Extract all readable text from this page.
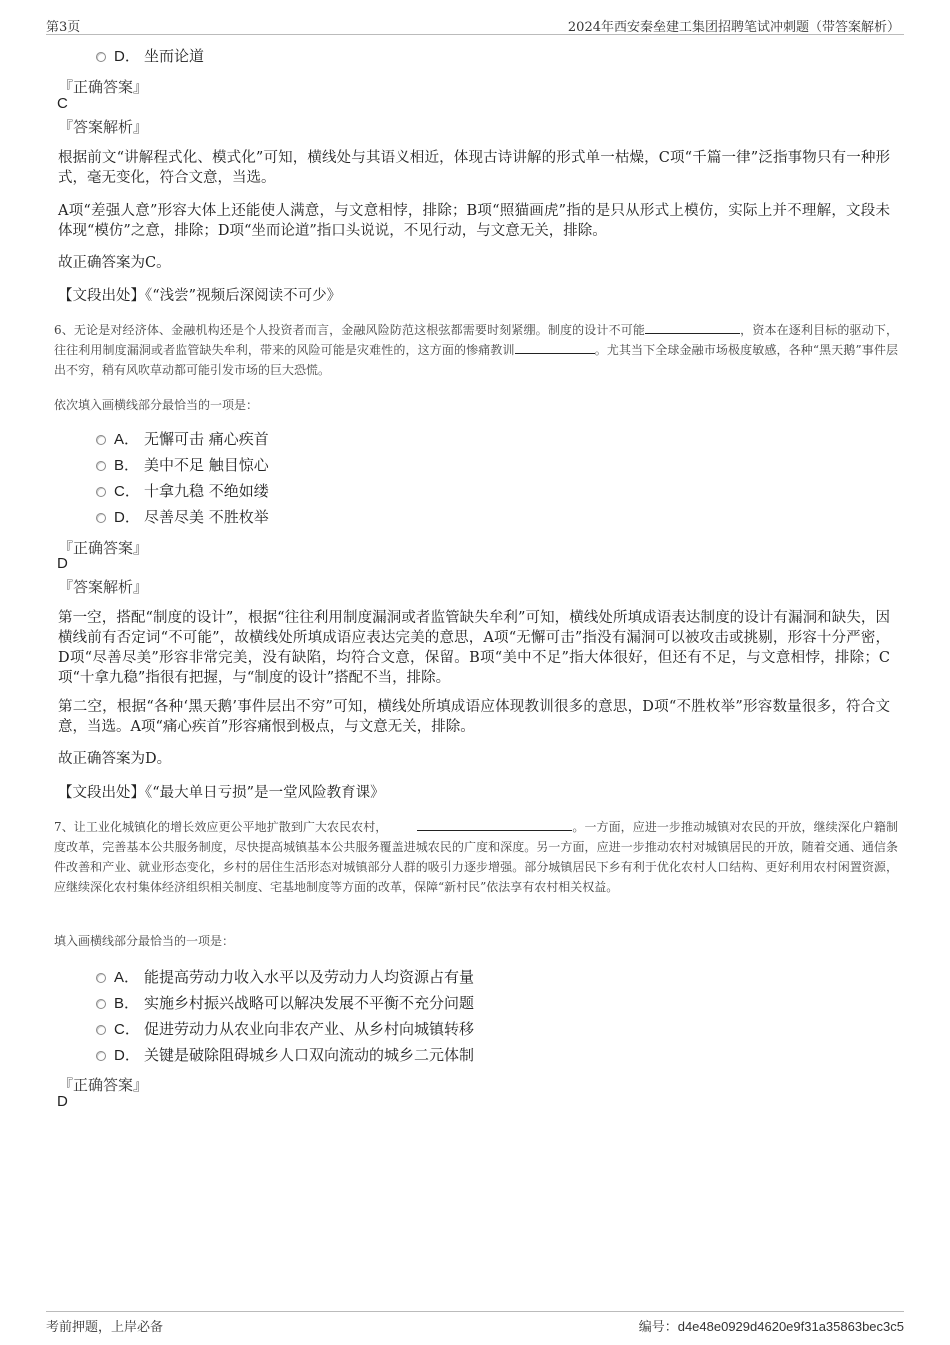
第3页	2024年西安秦垒建工集团招聘笔试冲刺题（带答案解析）
D． 坐而论道
『正确答案』
C
『答案解析』
根据前文“讲解程式化、模式化”可知，横线处与其语义相近，体现古诗讲解的形式单一枯燥，C项“千篇一律”泛指事物只有一种形式，毫无变化，符合文意，当选。
A项“差强人意”形容大体上还能使人满意，与文意相悖，排除；B项“照猫画虎”指的是只从形式上模仿，实际上并不理解，文段未体现“模仿”之意，排除；D项“坐而论道”指口头说说，不见行动，与文意无关，排除。
故正确答案为C。
【文段出处】《“浅尝”视频后深阅读不可少》
6、无论是对经济体、金融机构还是个人投资者而言，金融风险防范这根弦都需要时刻紧绷。制度的设计不可能	，资本在逐利目标的驱动下，往往利用制度漏洞或者监管缺失牟利，带来的风险可能是灾难性的，这方面的惨痛教训	。尤其当下全球金融市场极度敏感，各种“黑天鹅”事件层出不穷，稍有风吹草动都可能引发市场的巨大恐慌。
依次填入画横线部分最恰当的一项是：
A． 无懈可击 痛心疾首
B． 美中不足 触目惊心
C． 十拿九稳 不绝如缕
D． 尽善尽美 不胜枚举
『正确答案』
D
『答案解析』
第一空，搭配“制度的设计”，根据“往往利用制度漏洞或者监管缺失牟利”可知，横线处所填成语表达制度的设计有漏洞和缺失，因横线前有否定词“不可能”，故横线处所填成语应表达完美的意思，A项“无懈可击”指没有漏洞可以被攻击或挑剔，形容十分严密，D项“尽善尽美”形容非常完美，没有缺陷，均符合文意，保留。B项“美中不足”指大体很好，但还有不足，与文意相悖，排除；C项“十拿九稳”指很有把握，与“制度的设计”搭配不当，排除。
第二空，根据“各种‘黑天鹅’事件层出不穷”可知，横线处所填成语应体现教训很多的意思，D项“不胜枚举”形容数量很多，符合文意，当选。A项“痛心疾首”形容痛恨到极点，与文意无关，排除。
故正确答案为D。
【文段出处】《“最大单日亏损”是一堂风险教育课》
7、让工业化城镇化的增长效应更公平地扩散到广大农民农村，	。一方面，应进一步推动城镇对农民的开放，继续深化户籍制度改革，完善基本公共服务制度，尽快提高城镇基本公共服务覆盖进城农民的广度和深度。另一方面，应进一步推动农村对城镇居民的开放，随着交通、通信条件改善和产业、就业形态变化，乡村的居住生活形态对城镇部分人群的吸引力逐步增强。部分城镇居民下乡有利于优化农村人口结构、更好利用农村闲置资源，应继续深化农村集体经济组织相关制度、宅基地制度等方面的改革，保障“新村民”依法享有农村相关权益。
填入画横线部分最恰当的一项是：
A． 能提高劳动力收入水平以及劳动力人均资源占有量
B． 实施乡村振兴战略可以解决发展不平衡不充分问题
C． 促进劳动力从农业向非农产业、从乡村向城镇转移
D． 关键是破除阻碍城乡人口双向流动的城乡二元体制
『正确答案』
D
考前押题，上岸必备	编号：d4e48e0929d4620e9f31a35863bec3c5
